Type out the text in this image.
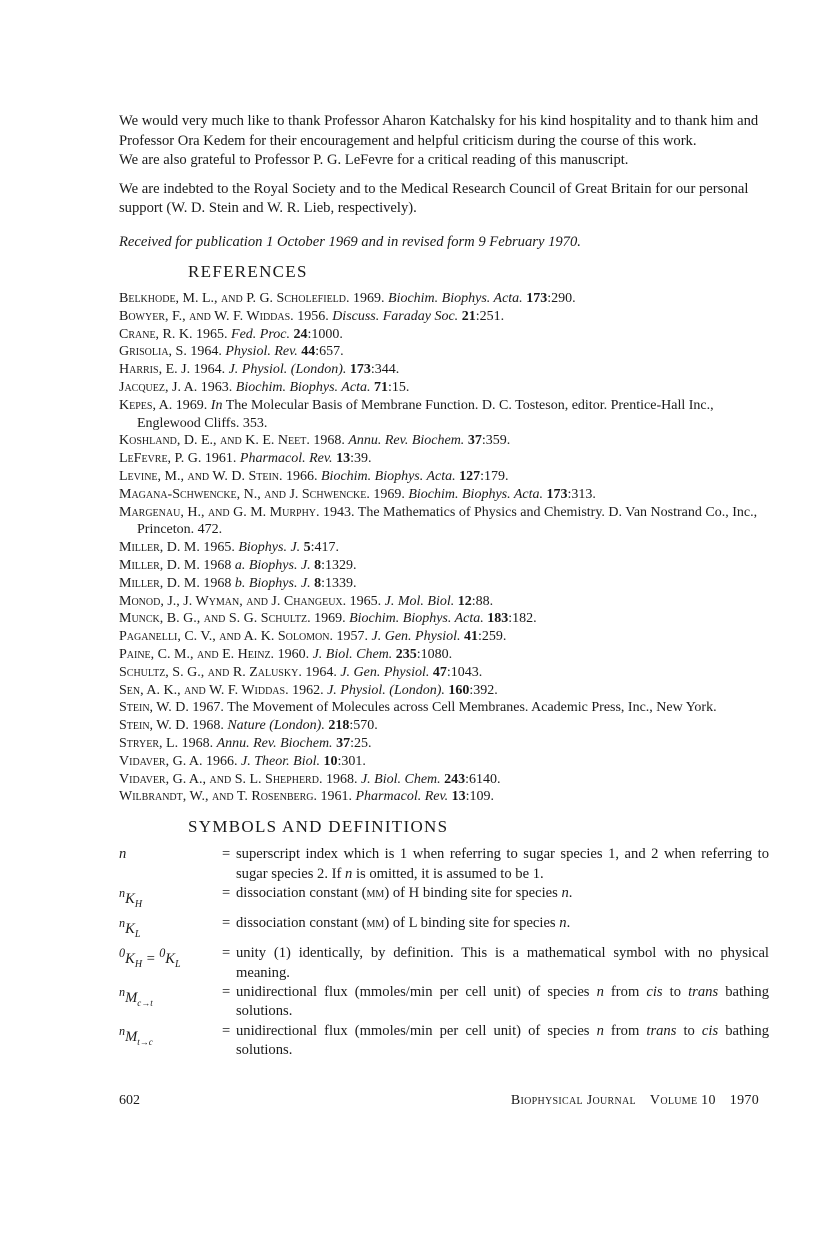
We would very much like to thank Professor Aharon Katchalsky for his kind hospitality and to thank him and Professor Ora Kedem for their encouragement and helpful criticism during the course of this work.

We are also grateful to Professor P. G. LeFevre for a critical reading of this manuscript.

We are indebted to the Royal Society and to the Medical Research Council of Great Britain for our personal support (W. D. Stein and W. R. Lieb, respectively).

Received for publication 1 October 1969 and in revised form 9 February 1970.

REFERENCES
Belkhode, M. L., and P. G. Scholefield. 1969. Biochim. Biophys. Acta. 173:290.
Bowyer, F., and W. F. Widdas. 1956. Discuss. Faraday Soc. 21:251.
Crane, R. K. 1965. Fed. Proc. 24:1000.
Grisolia, S. 1964. Physiol. Rev. 44:657.
Harris, E. J. 1964. J. Physiol. (London). 173:344.
Jacquez, J. A. 1963. Biochim. Biophys. Acta. 71:15.
Kepes, A. 1969. In The Molecular Basis of Membrane Function. D. C. Tosteson, editor. Prentice-Hall Inc., Englewood Cliffs. 353.
Koshland, D. E., and K. E. Neet. 1968. Annu. Rev. Biochem. 37:359.
LeFevre, P. G. 1961. Pharmacol. Rev. 13:39.
Levine, M., and W. D. Stein. 1966. Biochim. Biophys. Acta. 127:179.
Magana-Schwencke, N., and J. Schwencke. 1969. Biochim. Biophys. Acta. 173:313.
Margenau, H., and G. M. Murphy. 1943. The Mathematics of Physics and Chemistry. D. Van Nostrand Co., Inc., Princeton. 472.
Miller, D. M. 1965. Biophys. J. 5:417.
Miller, D. M. 1968 a. Biophys. J. 8:1329.
Miller, D. M. 1968 b. Biophys. J. 8:1339.
Monod, J., J. Wyman, and J. Changeux. 1965. J. Mol. Biol. 12:88.
Munck, B. G., and S. G. Schultz. 1969. Biochim. Biophys. Acta. 183:182.
Paganelli, C. V., and A. K. Solomon. 1957. J. Gen. Physiol. 41:259.
Paine, C. M., and E. Heinz. 1960. J. Biol. Chem. 235:1080.
Schultz, S. G., and R. Zalusky. 1964. J. Gen. Physiol. 47:1043.
Sen, A. K., and W. F. Widdas. 1962. J. Physiol. (London). 160:392.
Stein, W. D. 1967. The Movement of Molecules across Cell Membranes. Academic Press, Inc., New York.
Stein, W. D. 1968. Nature (London). 218:570.
Stryer, L. 1968. Annu. Rev. Biochem. 37:25.
Vidaver, G. A. 1966. J. Theor. Biol. 10:301.
Vidaver, G. A., and S. L. Shepherd. 1968. J. Biol. Chem. 243:6140.
Wilbrandt, W., and T. Rosenberg. 1961. Pharmacol. Rev. 13:109.
SYMBOLS AND DEFINITIONS
n	= superscript index which is 1 when referring to sugar species 1, and 2 when referring to sugar species 2. If n is omitted, it is assumed to be 1.
$^nK_H$
= dissociation constant (mm) of H binding site for species n.
$^nK_L$
= dissociation constant (mm) of L binding site for species n.
$^0K_H = ^0K_L$
= unity (1) identically, by definition. This is a mathematical symbol with no physical meaning.
$^nM_{c\to t}$
= unidirectional flux (mmoles/min per cell unit) of species n from cis to trans bathing solutions.
$^nM_{t\to c}$
= unidirectional flux (mmoles/min per cell unit) of species n from trans to cis bathing solutions.
602	Biophysical Journal Volume 10 1970
